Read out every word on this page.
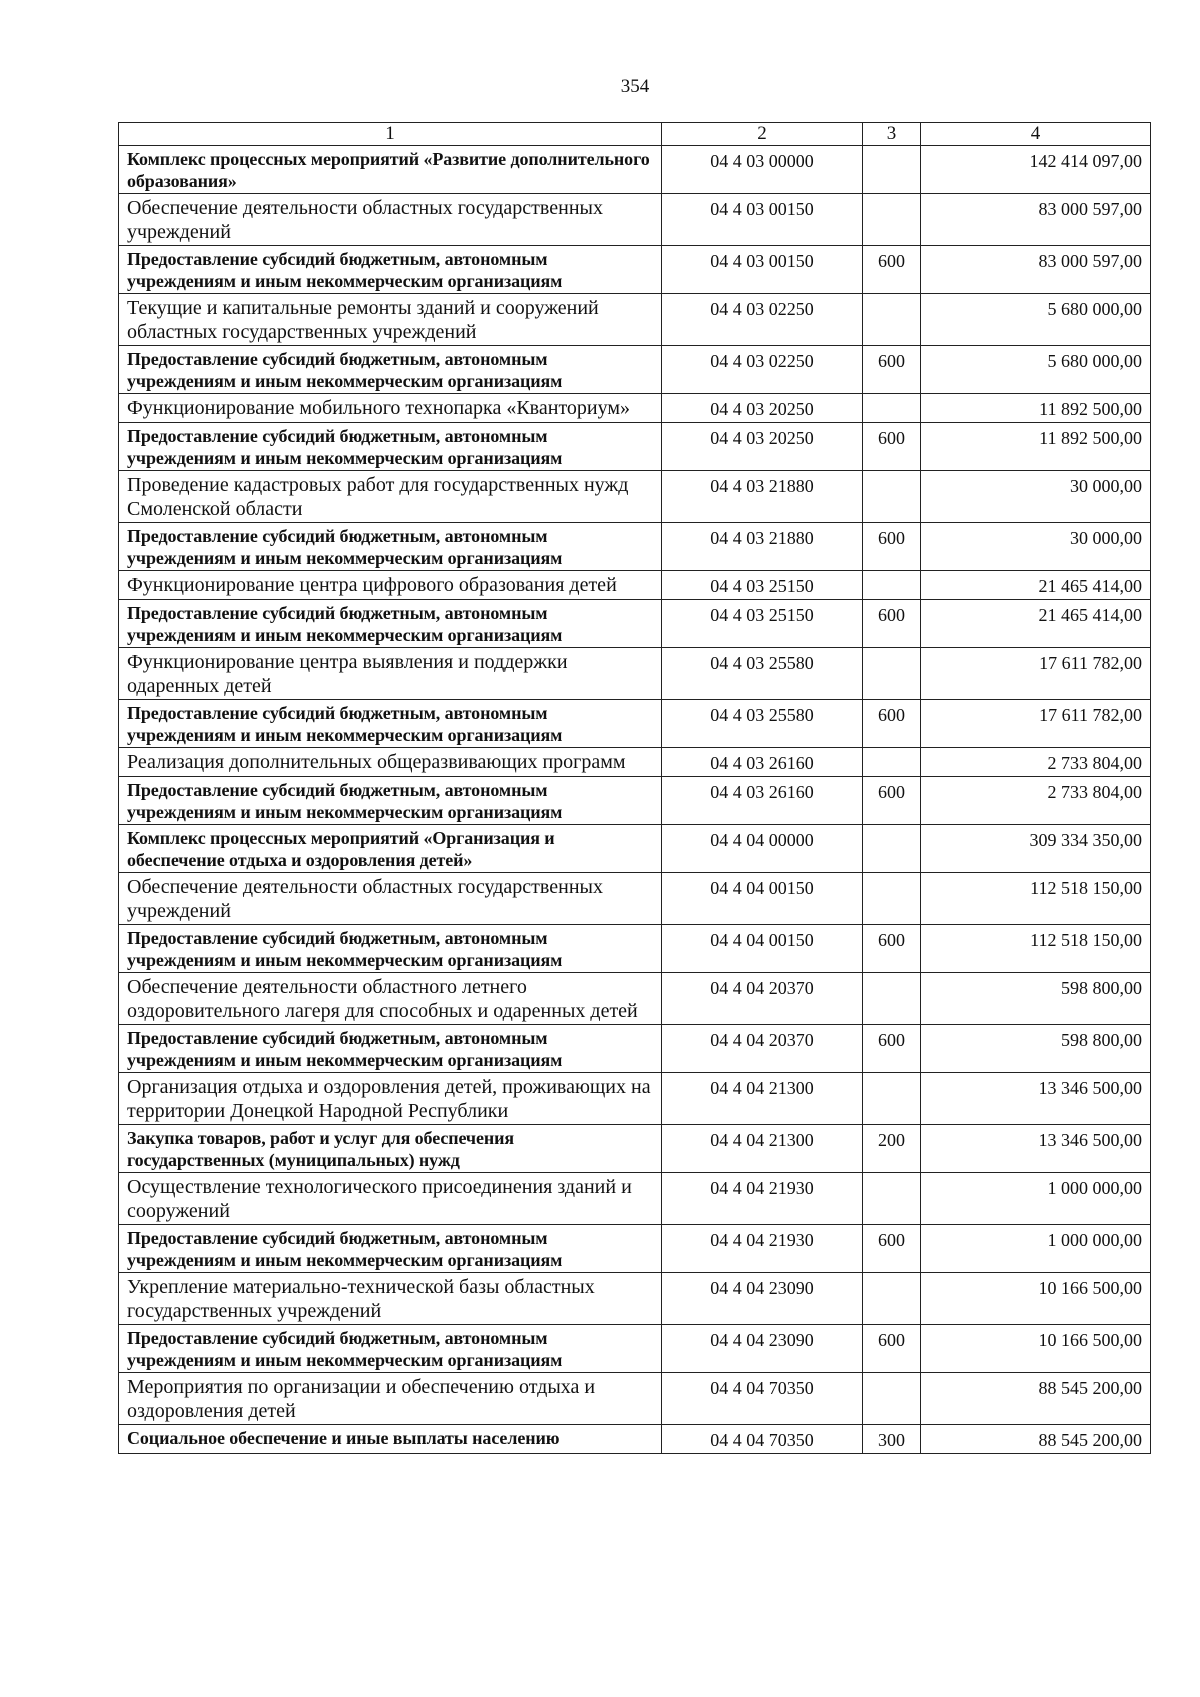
354
1	2	3	4
Комплекс процессных мероприятий «Развитие дополнительного образования»	04 4 03 00000		142 414 097,00
Обеспечение деятельности областных государственных учреждений	04 4 03 00150		83 000 597,00
Предоставление субсидий бюджетным, автономным учреждениям и иным некоммерческим организациям	04 4 03 00150	600	83 000 597,00
Текущие и капитальные ремонты зданий и сооружений областных государственных учреждений	04 4 03 02250		5 680 000,00
Предоставление субсидий бюджетным, автономным учреждениям и иным некоммерческим организациям	04 4 03 02250	600	5 680 000,00
Функционирование мобильного технопарка «Кванториум»	04 4 03 20250		11 892 500,00
Предоставление субсидий бюджетным, автономным учреждениям и иным некоммерческим организациям	04 4 03 20250	600	11 892 500,00
Проведение кадастровых работ для государственных нужд Смоленской области	04 4 03 21880		30 000,00
Предоставление субсидий бюджетным, автономным учреждениям и иным некоммерческим организациям	04 4 03 21880	600	30 000,00
Функционирование центра цифрового образования детей	04 4 03 25150		21 465 414,00
Предоставление субсидий бюджетным, автономным учреждениям и иным некоммерческим организациям	04 4 03 25150	600	21 465 414,00
Функционирование центра выявления и поддержки одаренных детей	04 4 03 25580		17 611 782,00
Предоставление субсидий бюджетным, автономным учреждениям и иным некоммерческим организациям	04 4 03 25580	600	17 611 782,00
Реализация дополнительных общеразвивающих программ	04 4 03 26160		2 733 804,00
Предоставление субсидий бюджетным, автономным учреждениям и иным некоммерческим организациям	04 4 03 26160	600	2 733 804,00
Комплекс процессных мероприятий «Организация и обеспечение отдыха и оздоровления детей»	04 4 04 00000		309 334 350,00
Обеспечение деятельности областных государственных учреждений	04 4 04 00150		112 518 150,00
Предоставление субсидий бюджетным, автономным учреждениям и иным некоммерческим организациям	04 4 04 00150	600	112 518 150,00
Обеспечение деятельности областного летнего оздоровительного лагеря для способных и одаренных детей	04 4 04 20370		598 800,00
Предоставление субсидий бюджетным, автономным учреждениям и иным некоммерческим организациям	04 4 04 20370	600	598 800,00
Организация отдыха и оздоровления детей, проживающих на территории Донецкой Народной Республики	04 4 04 21300		13 346 500,00
Закупка товаров, работ и услуг для обеспечения государственных (муниципальных) нужд	04 4 04 21300	200	13 346 500,00
Осуществление технологического присоединения зданий и сооружений	04 4 04 21930		1 000 000,00
Предоставление субсидий бюджетным, автономным учреждениям и иным некоммерческим организациям	04 4 04 21930	600	1 000 000,00
Укрепление материально-технической базы областных государственных учреждений	04 4 04 23090		10 166 500,00
Предоставление субсидий бюджетным, автономным учреждениям и иным некоммерческим организациям	04 4 04 23090	600	10 166 500,00
Мероприятия по организации и обеспечению отдыха и оздоровления детей	04 4 04 70350		88 545 200,00
Социальное обеспечение и иные выплаты населению	04 4 04 70350	300	88 545 200,00
